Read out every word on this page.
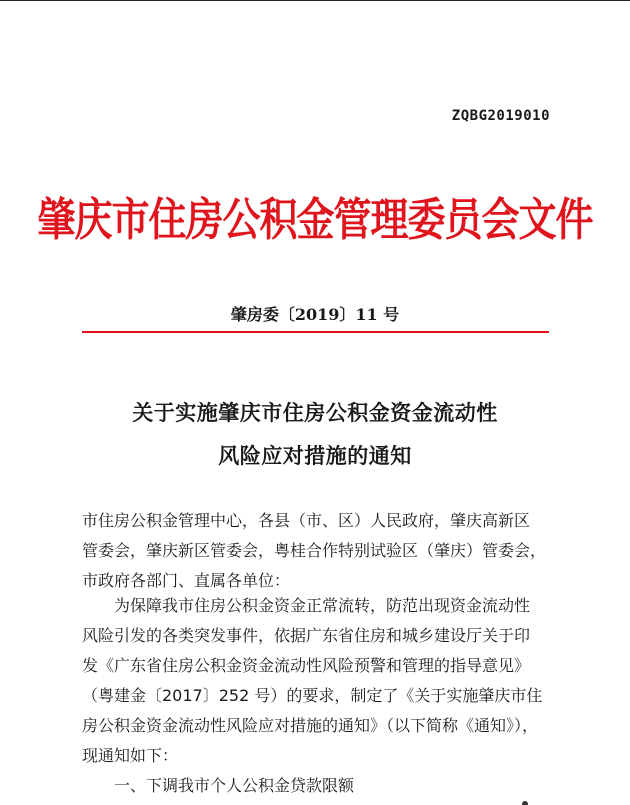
ZQBG2019010
肇庆市住房公积金管理委员会文件
肇房委〔2019〕11 号
关于实施肇庆市住房公积金资金流动性
风险应对措施的通知
市住房公积金管理中心，各县（市、区）人民政府，肇庆高新区
管委会，肇庆新区管委会，粤桂合作特别试验区（肇庆）管委会，
市政府各部门、直属各单位：
为保障我市住房公积金资金正常流转，防范出现资金流动性
风险引发的各类突发事件，依据广东省住房和城乡建设厅关于印
发《广东省住房公积金资金流动性风险预警和管理的指导意见》
（粤建金〔2017〕252 号）的要求，制定了《关于实施肇庆市住
房公积金资金流动性风险应对措施的通知》（以下简称《通知》），
现通知如下：
一、下调我市个人公积金贷款限额
